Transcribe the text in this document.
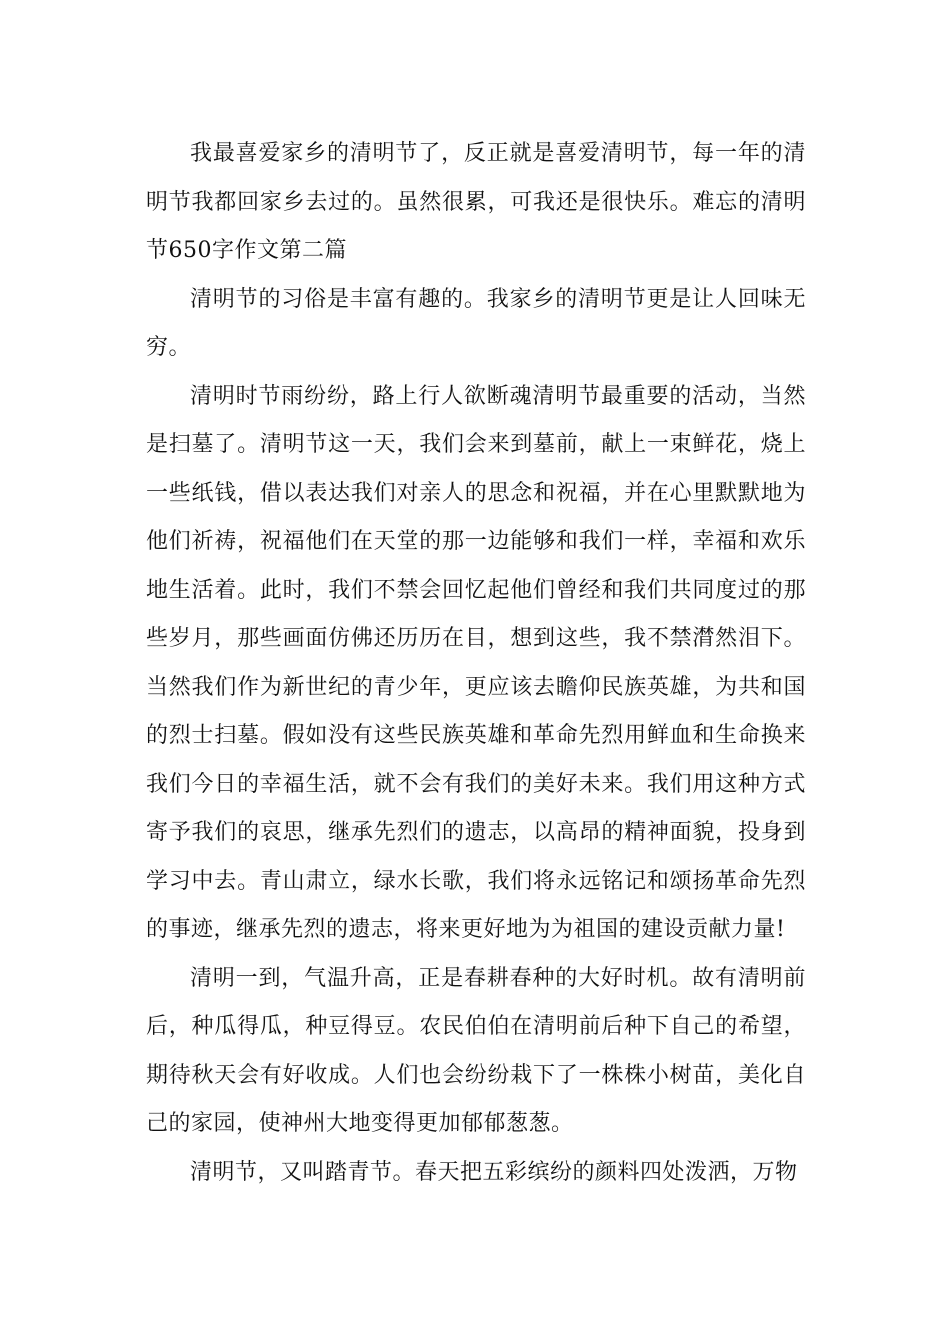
我最喜爱家乡的清明节了，反正就是喜爱清明节，每一年的清明节我都回家乡去过的。虽然很累，可我还是很快乐。难忘的清明节650字作文第二篇

清明节的习俗是丰富有趣的。我家乡的清明节更是让人回味无穷。

清明时节雨纷纷，路上行人欲断魂清明节最重要的活动，当然是扫墓了。清明节这一天，我们会来到墓前，献上一束鲜花，烧上一些纸钱，借以表达我们对亲人的思念和祝福，并在心里默默地为他们祈祷，祝福他们在天堂的那一边能够和我们一样，幸福和欢乐地生活着。此时，我们不禁会回忆起他们曾经和我们共同度过的那些岁月，那些画面仿佛还历历在目，想到这些，我不禁潸然泪下。当然我们作为新世纪的青少年，更应该去瞻仰民族英雄，为共和国的烈士扫墓。假如没有这些民族英雄和革命先烈用鲜血和生命换来我们今日的幸福生活，就不会有我们的美好未来。我们用这种方式寄予我们的哀思，继承先烈们的遗志，以高昂的精神面貌，投身到学习中去。青山肃立，绿水长歌，我们将永远铭记和颂扬革命先烈的事迹，继承先烈的遗志，将来更好地为为祖国的建设贡献力量!

清明一到，气温升高，正是春耕春种的大好时机。故有清明前后，种瓜得瓜，种豆得豆。农民伯伯在清明前后种下自己的希望，期待秋天会有好收成。人们也会纷纷栽下了一株株小树苗，美化自己的家园，使神州大地变得更加郁郁葱葱。

清明节，又叫踏青节。春天把五彩缤纷的颜料四处泼洒，万物
